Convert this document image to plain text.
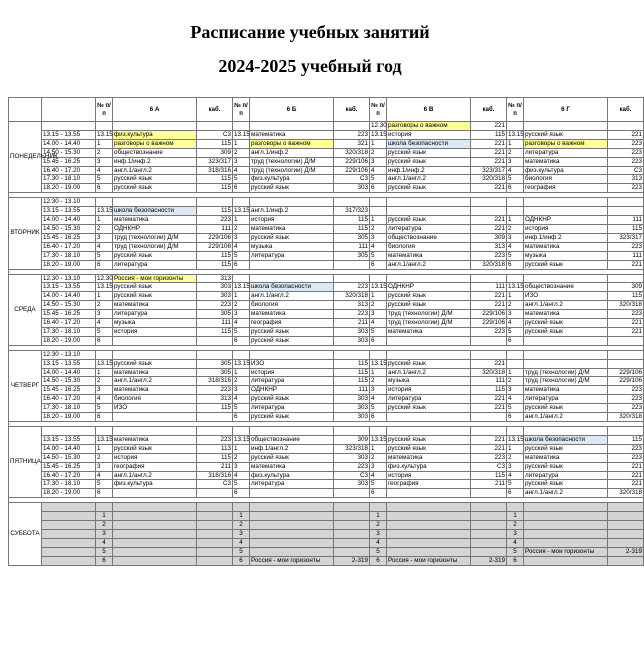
Расписание учебных занятий
2024-2025 учебный год
		№ п/п	6 А	каб.	№ п/п	6 Б	каб.	№ п/п	6 В	каб.	№ п/п	6 Г	каб.
ПОНЕДЕЛЬНИК								12.30	разговоры о важном	221			
	13.15 - 13.55	13.15	физ.культура	С3	13.15	математика	223	13.15	история	115	13.15	русский язык	221
	14.00 - 14.40	1	разговоры о важном	115	1	разговоры о важном	321	1	школа безопасности	221	1	разговоры о важном	223
	14.50 - 15.30	2	обществознание	309	2	англ.1/инф.2	320/318	2	русский язык	221	2	литература	223
	15.45 - 16.25	3	инф.1/инф.2	323/317	3	труд (технологии) Д/М	229/106	3	русский язык	221	3	математика	223
	16.40 - 17.20	4	англ.1/англ.2	318/316	4	труд (технологии) Д/М	229/106	4	инф.1/инф.2	323/317	4	физ.культура	С3
	17.30 - 18.10	5	русский язык	115	5	физ.культура	С3	5	англ.1/англ.2	320/318	5	биология	313
	18.20 - 19.00	6	русский язык	115	6	русский язык	303	6	русский язык	221	6	география	223

ВТОРНИК	12.30 - 13.10												
	13.15 - 13.55	13.15	школа безопасности	115	13.15	англ.1/инф.2	317/323						
	14.00 - 14.40	1	математика	223	1	история	115	1	русский язык	221	1	ОДНКНР	111
	14.50 - 15.30	2	ОДНКНР	111	2	математика	115	2	литература	221	2	история	115
	15.45 - 16.25	3	труд (технологии) Д/М	229/106	3	русский язык	305	3	обществознание	309	3	инф.1/инф.2	323/317
	16.40 - 17.20	4	труд (технологии) Д/М	229/106	4	музыка	111	4	биология	313	4	математика	223
	17.30 - 18.10	5	русский язык	115	5	литература	305	5	математика	223	5	музыка	111
	18.20 - 19.00	6	литература	115	6			6	англ.1/англ.2	320/318	6	русский язык	221

СРЕДА	12.30 - 13.10	12.30	Россия - мои горизонты	313									
	13.15 - 13.55	13.15	русский язык	303	13.15	школа безопасности	223	13.15	ОДНКНР	111	13.15	обществознание	309
	14.00 - 14.40	1	русский язык	303	1	англ.1/англ.2	320/318	1	русский язык	221	1	ИЗО	115
	14.50 - 15.30	2	математика	223	2	биология	313	2	русский язык	221	2	англ.1/англ.2	320/318
	15.45 - 16.25	3	литература	305	3	математика	223	3	труд (технологии) Д/М	229/106	3	математика	223
	16.40 - 17.20	4	музыка	111	4	география	211	4	труд (технологии) Д/М	229/106	4	русский язык	221
	17.30 - 18.10	5	история	115	5	русский язык	303	5	математика	223	5	русский язык	221
	18.20 - 19.00	6			6	русский язык	303	6			6		

ЧЕТВЕРГ	12.30 - 13.10												
	13.15 - 13.55	13.15	русский язык	305	13.15	ИЗО	115	13.15	русский язык	221			
	14.00 - 14.40	1	математика	305	1	история	115	1	англ.1/англ.2	320/318	1	труд (технологии) Д/М	229/106
	14.50 - 15.30	2	англ.1/англ.2	318/316	2	литература	115	2	музыка	111	2	труд (технологии) Д/М	229/106
	15.45 - 16.25	3	математика	223	3	ОДНКНР	111	3	история	115	3	математика	223
	16.40 - 17.20	4	биология	313	4	русский язык	303	4	литература	221	4	литература	223
	17.30 - 18.10	5	ИЗО	115	5	литература	303	5	русский язык	221	5	русский язык	223
	18.20 - 19.00	6			6	русский язык	303	6			6	англ.1/англ.2	320/318

ПЯТНИЦА													
	13.15 - 13.55	13.15	математика	223	13.15	обществознание	309	13.15	русский язык	221	13.15	школа безопасности	115
	14.00 - 14.40	1	русский язык	113	1	инф.1/англ.2	323/318	1	русский язык	221	1	русский язык	223
	14.50 - 15.30	2	история	115	2	русский язык	303	2	математика	223	2	математика	223
	15.45 - 16.25	3	география	211	3	математика	223	3	физ.культура	С3	3	русский язык	221
	16.40 - 17.20	4	англ.1/англ.2	318/316	4	физ.культура	С3	4	история	115	4	литература	221
	17.30 - 18.10	5	физ.культура	С3	5	литература	303	5	география	211	5	русский язык	221
	18.20 - 19.00	6			6			6			6	англ.1/англ.2	320/318

СУББОТА													
		1			1			1			1		
		2			2			2			2		
		3			3			3			3		
		4			4			4			4		
		5			5			5			5	Россия - мои горизонты	2-319
		6			6	Россия - мои горизонты	2-319	6	Россия - мои горизонты	2-319	6		
